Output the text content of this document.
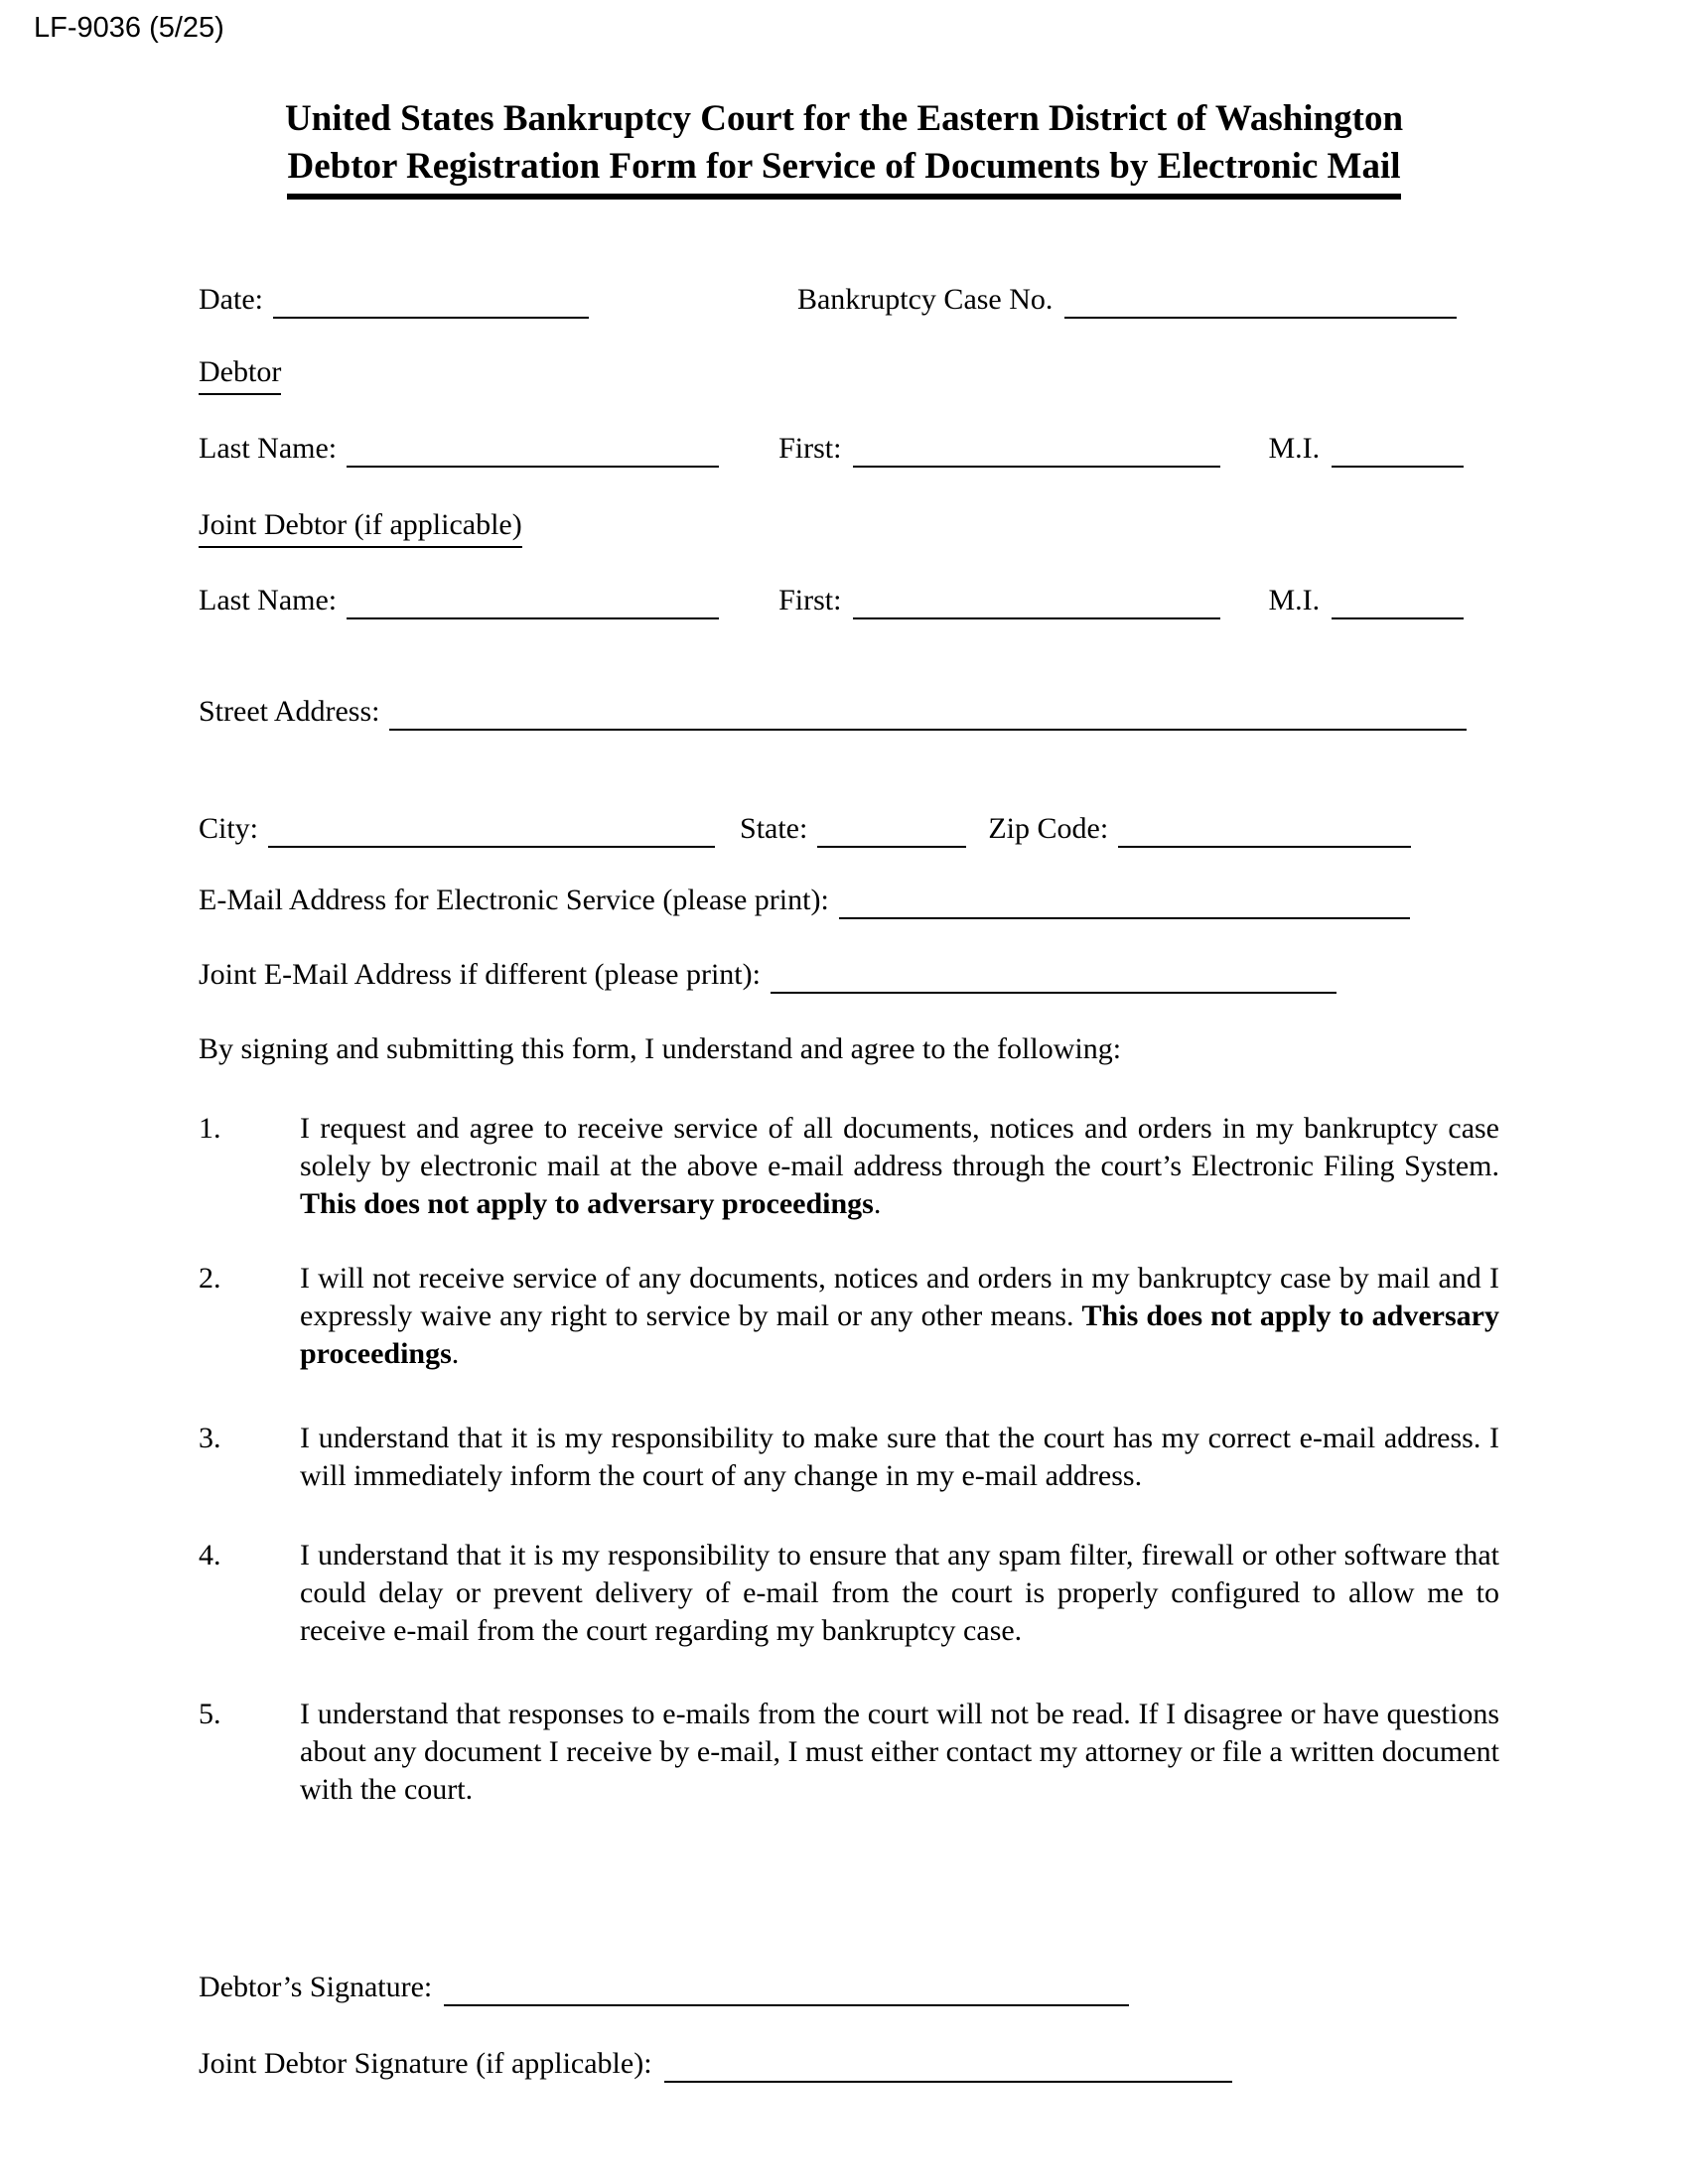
LF-9036 (5/25)
United States Bankruptcy Court for the Eastern District of Washington
Debtor Registration Form for Service of Documents by Electronic Mail
Date:	Bankruptcy Case No.
Debtor
Last Name:	First:	M.I.
Joint Debtor (if applicable)
Last Name:	First:	M.I.
Street Address:
City:	State:	Zip Code:
E-Mail Address for Electronic Service (please print):
Joint E-Mail Address if different (please print):
By signing and submitting this form, I understand and agree to the following:
1.	I request and agree to receive service of all documents, notices and orders in my bankruptcy case solely by electronic mail at the above e-mail address through the court’s Electronic Filing System. This does not apply to adversary proceedings.
2.	I will not receive service of any documents, notices and orders in my bankruptcy case by mail and I expressly waive any right to service by mail or any other means. This does not apply to adversary proceedings.
3.	I understand that it is my responsibility to make sure that the court has my correct e-mail address. I will immediately inform the court of any change in my e-mail address.
4.	I understand that it is my responsibility to ensure that any spam filter, firewall or other software that could delay or prevent delivery of e-mail from the court is properly configured to allow me to receive e-mail from the court regarding my bankruptcy case.
5.	I understand that responses to e-mails from the court will not be read. If I disagree or have questions about any document I receive by e-mail, I must either contact my attorney or file a written document with the court.
Debtor’s Signature:
Joint Debtor Signature (if applicable):
